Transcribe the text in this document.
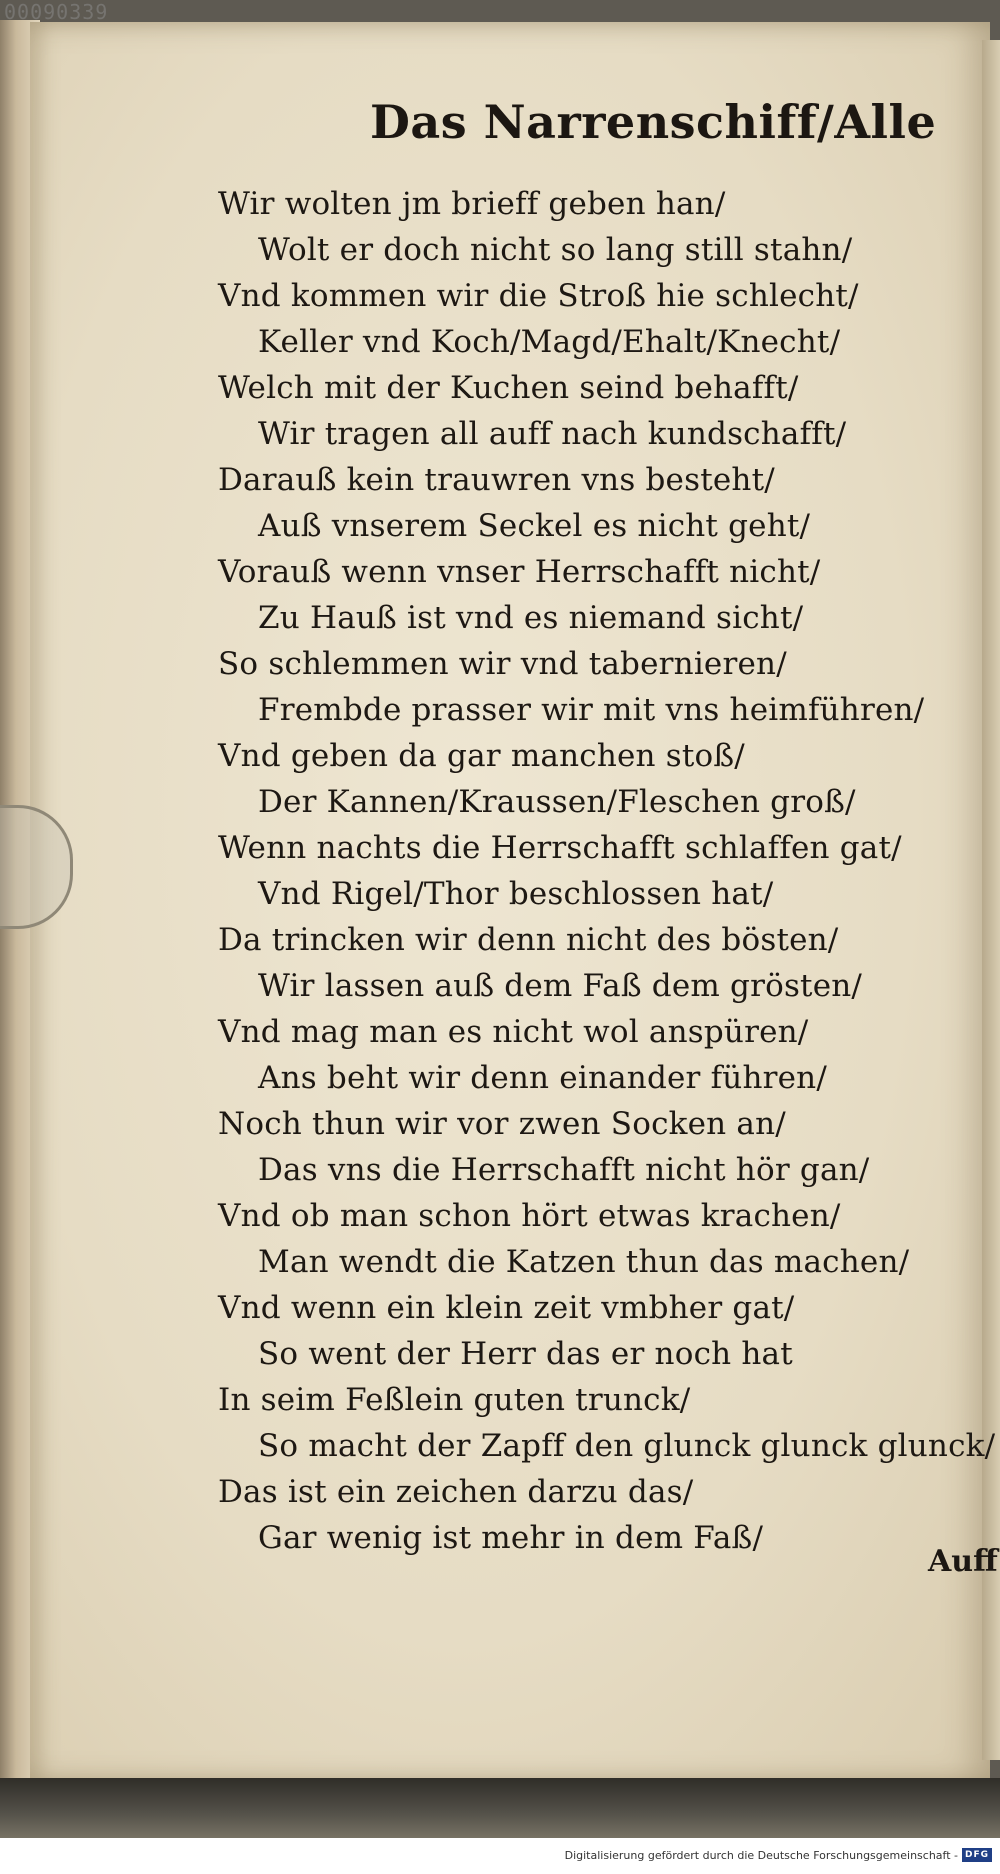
00090339
Das Narrenschiff/Alle
Wir wolten jm brieff geben han/
Wolt er doch nicht so lang still stahn/
Vnd kommen wir die Stroß hie schlecht/
Keller vnd Koch/Magd/Ehalt/Knecht/
Welch mit der Kuchen seind behafft/
Wir tragen all auff nach kundschafft/
Darauß kein trauwren vns besteht/
Auß vnserem Seckel es nicht geht/
Vorauß wenn vnser Herrschafft nicht/
Zu Hauß ist vnd es niemand sicht/
So schlemmen wir vnd tabernieren/
Frembde prasser wir mit vns heimführen/
Vnd geben da gar manchen stoß/
Der Kannen/Kraussen/Fleschen groß/
Wenn nachts die Herrschafft schlaffen gat/
Vnd Rigel/Thor beschlossen hat/
Da trincken wir denn nicht des bösten/
Wir lassen auß dem Faß dem grösten/
Vnd mag man es nicht wol anspüren/
Ans beht wir denn einander führen/
Noch thun wir vor zwen Socken an/
Das vns die Herrschafft nicht hör gan/
Vnd ob man schon hört etwas krachen/
Man wendt die Katzen thun das machen/
Vnd wenn ein klein zeit vmbher gat/
So went der Herr das er noch hat
In seim Feßlein guten trunck/
So macht der Zapff den glunck glunck glunck/
Das ist ein zeichen darzu das/
Gar wenig ist mehr in dem Faß/
Auff
Digitalisierung gefördert durch die Deutsche Forschungsgemeinschaft - DFG
